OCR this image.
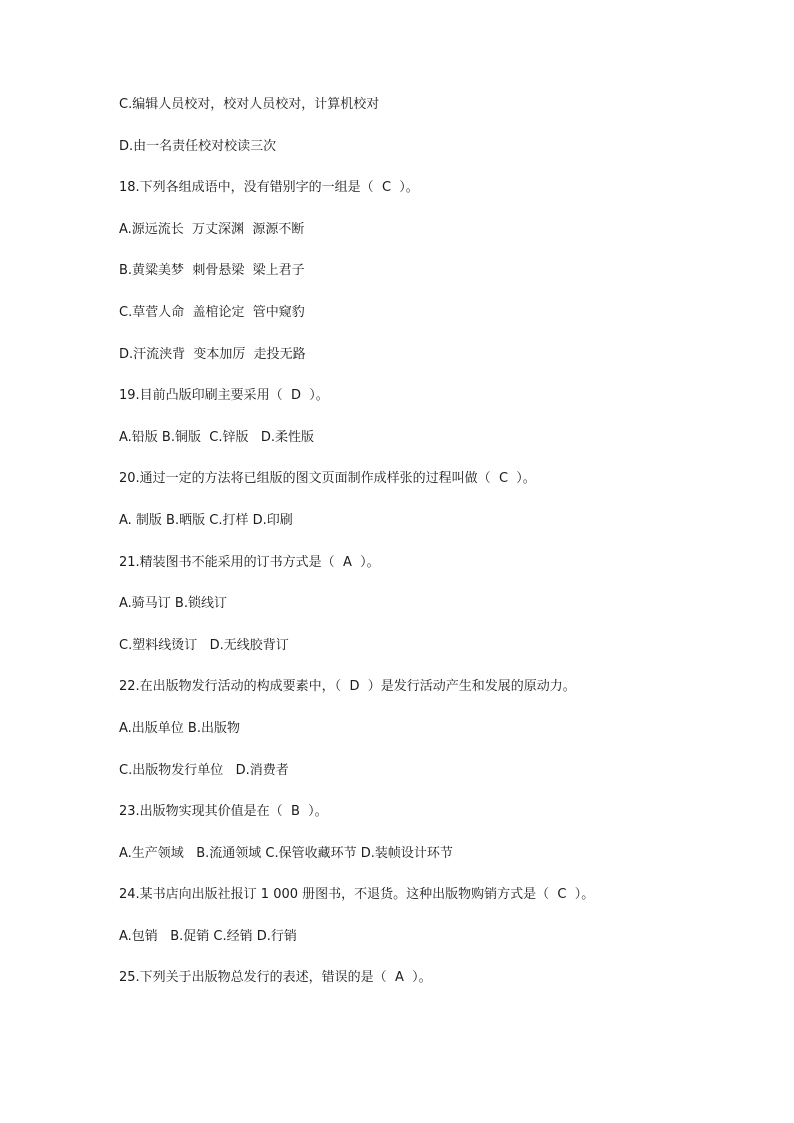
C.编辑人员校对，校对人员校对，计算机校对
D.由一名责任校对校读三次
18.下列各组成语中，没有错别字的一组是（  C  ）。
A.源远流长  万丈深渊  源源不断
B.黄粱美梦  刺骨悬梁  梁上君子
C.草菅人命  盖棺论定  管中窥豹
D.汗流浃背  变本加厉  走投无路
19.目前凸版印刷主要采用（  D  ）。
A.铅版 B.铜版  C.锌版   D.柔性版
20.通过一定的方法将已组版的图文页面制作成样张的过程叫做（  C  ）。
A. 制版 B.晒版 C.打样 D.印刷
21.精装图书不能采用的订书方式是（  A  ）。
A.骑马订 B.锁线订
C.塑料线烫订   D.无线胶背订
22.在出版物发行活动的构成要素中，（  D  ）是发行活动产生和发展的原动力。
A.出版单位 B.出版物
C.出版物发行单位   D.消费者
23.出版物实现其价值是在（  B  ）。
A.生产领域   B.流通领域 C.保管收藏环节 D.装帧设计环节
24.某书店向出版社报订 1 000 册图书，不退货。这种出版物购销方式是（  C  ）。
A.包销   B.促销 C.经销 D.行销
25.下列关于出版物总发行的表述，错误的是（  A  ）。
